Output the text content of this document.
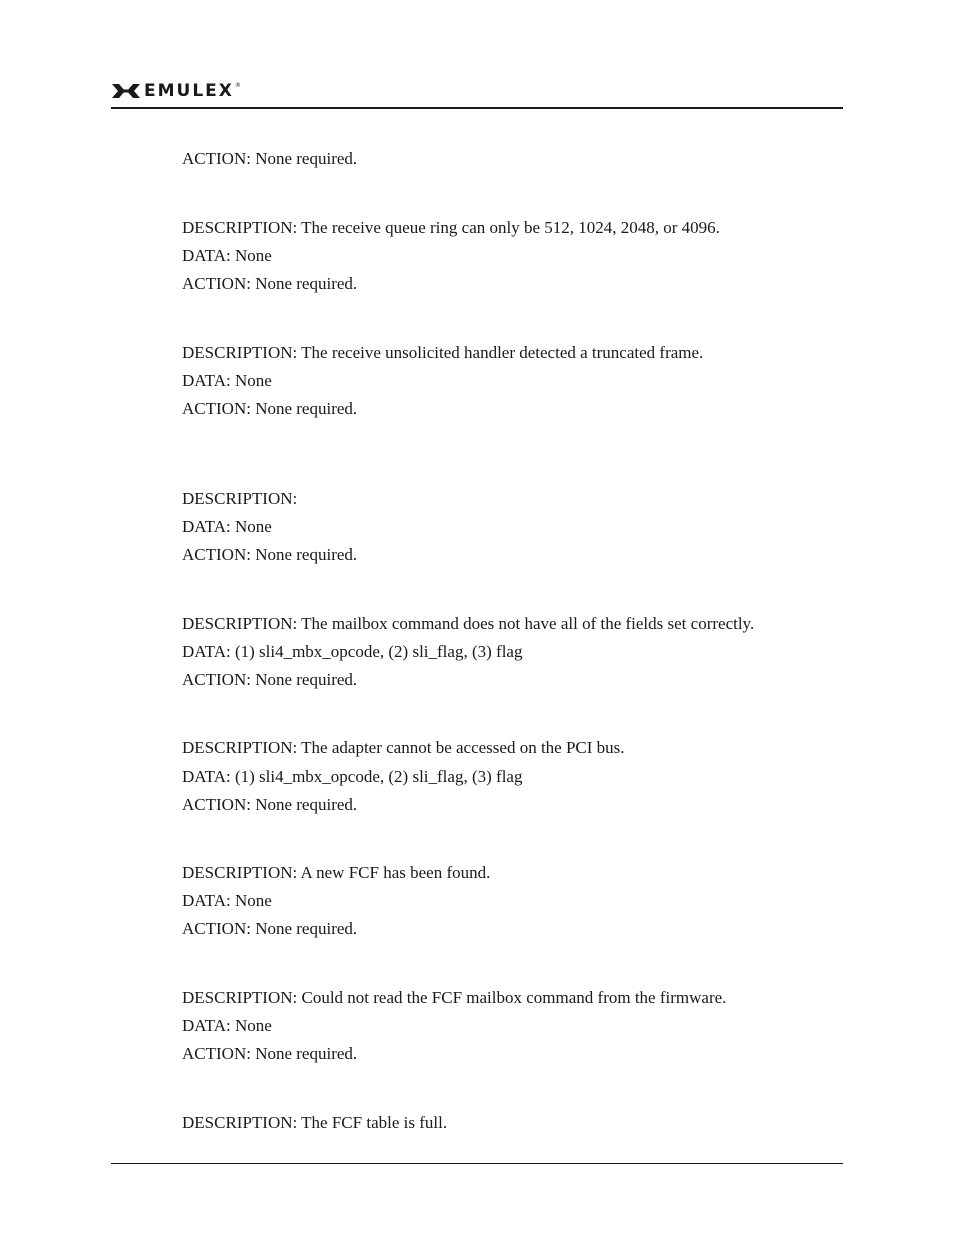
EMULEX ®
ACTION: None required.
DESCRIPTION: The receive queue ring can only be 512, 1024, 2048, or 4096.
DATA: None
ACTION: None required.
DESCRIPTION: The receive unsolicited handler detected a truncated frame.
DATA: None
ACTION: None required.
DESCRIPTION:
DATA: None
ACTION: None required.
DESCRIPTION: The mailbox command does not have all of the fields set correctly.
DATA: (1) sli4_mbx_opcode, (2) sli_flag, (3) flag
ACTION: None required.
DESCRIPTION: The adapter cannot be accessed on the PCI bus.
DATA: (1) sli4_mbx_opcode, (2) sli_flag, (3) flag
ACTION: None required.
DESCRIPTION: A new FCF has been found.
DATA: None
ACTION: None required.
DESCRIPTION: Could not read the FCF mailbox command from the firmware.
DATA: None
ACTION: None required.
DESCRIPTION: The FCF table is full.
